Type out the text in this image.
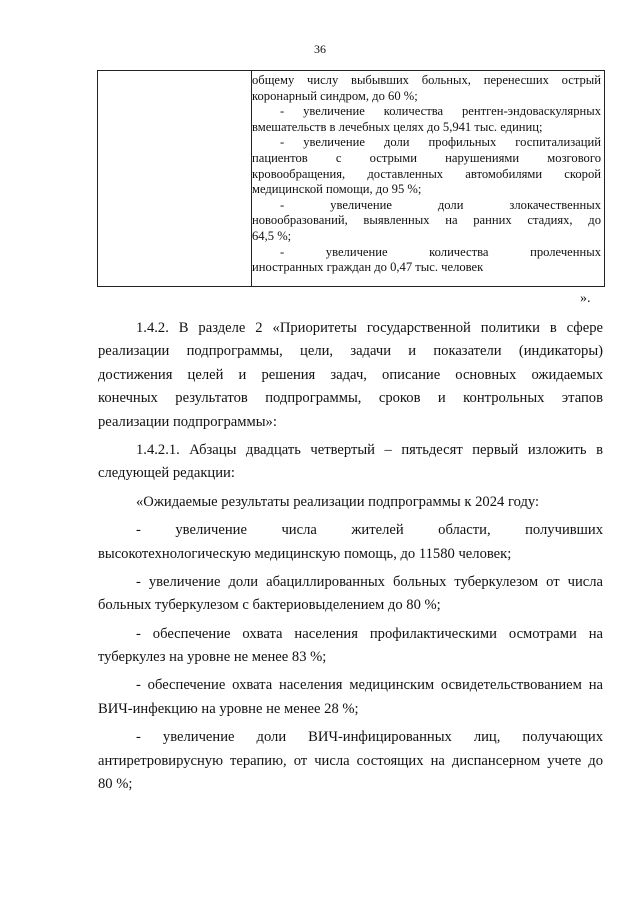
36
общему числу выбывших больных, перенесших острый
коронарный синдром, до 60 %;
- увеличение количества рентген-эндоваскулярных
вмешательств в лечебных целях до 5,941 тыс. единиц;
- увеличение доли профильных госпитализаций
пациентов с острыми нарушениями мозгового
кровообращения, доставленных автомобилями скорой
медицинской помощи, до 95 %;
- увеличение доли злокачественных
новообразований, выявленных на ранних стадиях, до
64,5 %;
- увеличение количества пролеченных
иностранных граждан до 0,47 тыс. человек
».
1.4.2. В разделе 2 «Приоритеты государственной политики в сфере
реализации подпрограммы, цели, задачи и показатели (индикаторы)
достижения целей и решения задач, описание основных ожидаемых
конечных результатов подпрограммы, сроков и контрольных этапов
реализации подпрограммы»:
1.4.2.1. Абзацы двадцать четвертый – пятьдесят первый изложить в
следующей редакции:
«Ожидаемые результаты реализации подпрограммы к 2024 году:
- увеличение числа жителей области, получивших
высокотехнологическую медицинскую помощь, до 11580 человек;
- увеличение доли абациллированных больных туберкулезом от числа
больных туберкулезом с бактериовыделением до 80 %;
- обеспечение охвата населения профилактическими осмотрами на
туберкулез на уровне не менее 83 %;
- обеспечение охвата населения медицинским освидетельствованием на
ВИЧ-инфекцию на уровне не менее 28 %;
- увеличение доли ВИЧ-инфицированных лиц, получающих
антиретровирусную терапию, от числа состоящих на диспансерном учете до
80 %;
